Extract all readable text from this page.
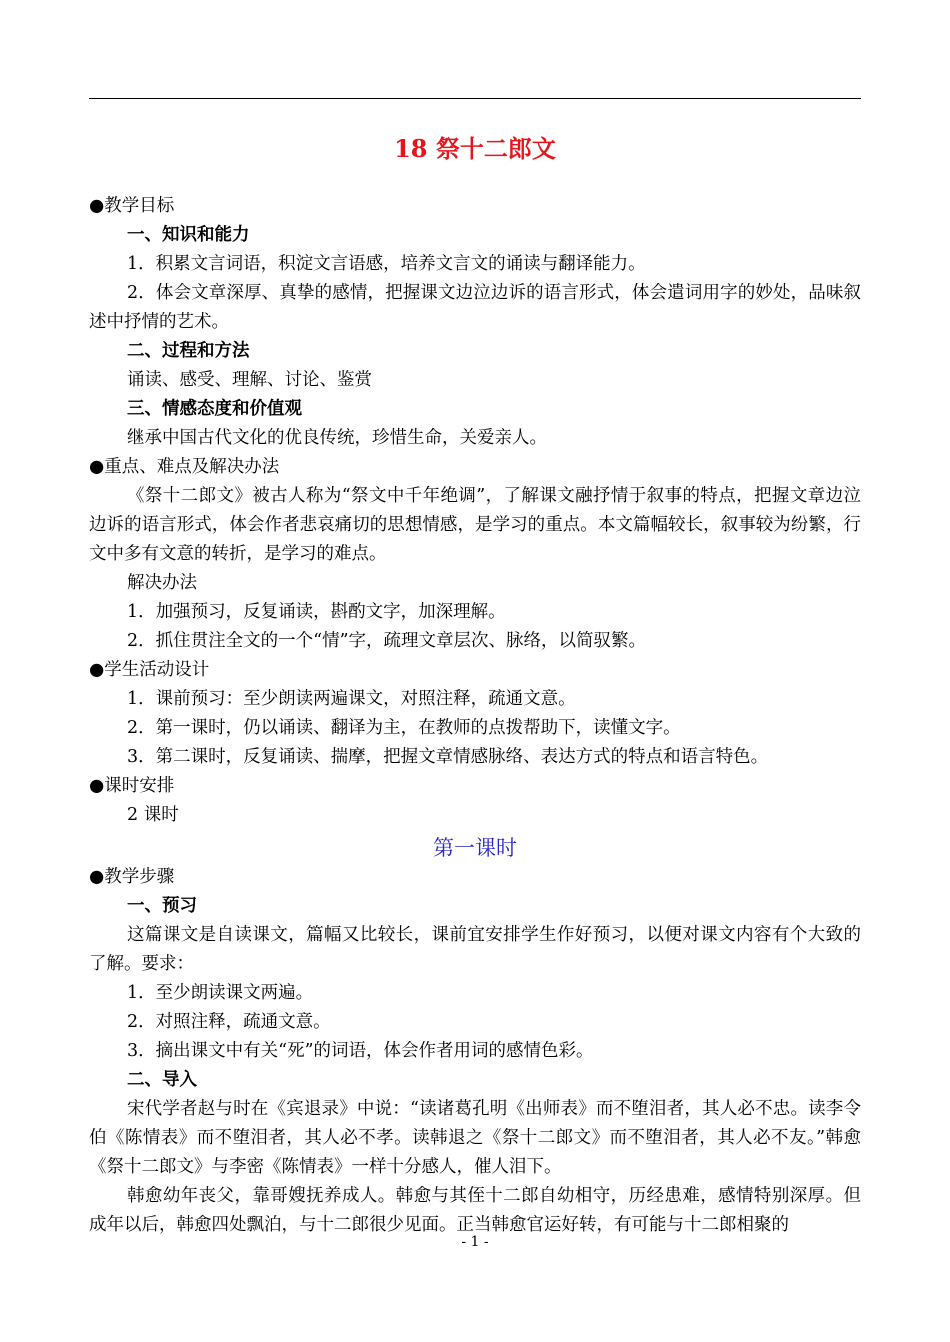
18 祭十二郎文

●教学目标

一、知识和能力

1．积累文言词语，积淀文言语感，培养文言文的诵读与翻译能力。

2．体会文章深厚、真挚的感情，把握课文边泣边诉的语言形式，体会遣词用字的妙处，品味叙述中抒情的艺术。

二、过程和方法

诵读、感受、理解、讨论、鉴赏

三、情感态度和价值观

继承中国古代文化的优良传统，珍惜生命，关爱亲人。

●重点、难点及解决办法

《祭十二郎文》被古人称为“祭文中千年绝调”，了解课文融抒情于叙事的特点，把握文章边泣边诉的语言形式，体会作者悲哀痛切的思想情感，是学习的重点。本文篇幅较长，叙事较为纷繁，行文中多有文意的转折，是学习的难点。

解决办法

1．加强预习，反复诵读，斟酌文字，加深理解。

2．抓住贯注全文的一个“情”字，疏理文章层次、脉络，以简驭繁。

●学生活动设计

1．课前预习：至少朗读两遍课文，对照注释，疏通文意。

2．第一课时，仍以诵读、翻译为主，在教师的点拨帮助下，读懂文字。

3．第二课时，反复诵读、揣摩，把握文章情感脉络、表达方式的特点和语言特色。

●课时安排

2 课时

第一课时

●教学步骤

一、预习

这篇课文是自读课文，篇幅又比较长，课前宜安排学生作好预习，以便对课文内容有个大致的了解。要求：

1．至少朗读课文两遍。

2．对照注释，疏通文意。

3．摘出课文中有关“死”的词语，体会作者用词的感情色彩。

二、导入

宋代学者赵与时在《宾退录》中说：“读诸葛孔明《出师表》而不堕泪者，其人必不忠。读李令伯《陈情表》而不堕泪者，其人必不孝。读韩退之《祭十二郎文》而不堕泪者，其人必不友。”韩愈《祭十二郎文》与李密《陈情表》一样十分感人，催人泪下。

韩愈幼年丧父，靠哥嫂抚养成人。韩愈与其侄十二郎自幼相守，历经患难，感情特别深厚。但成年以后，韩愈四处飘泊，与十二郎很少见面。正当韩愈官运好转，有可能与十二郎相聚的

- 1 -
